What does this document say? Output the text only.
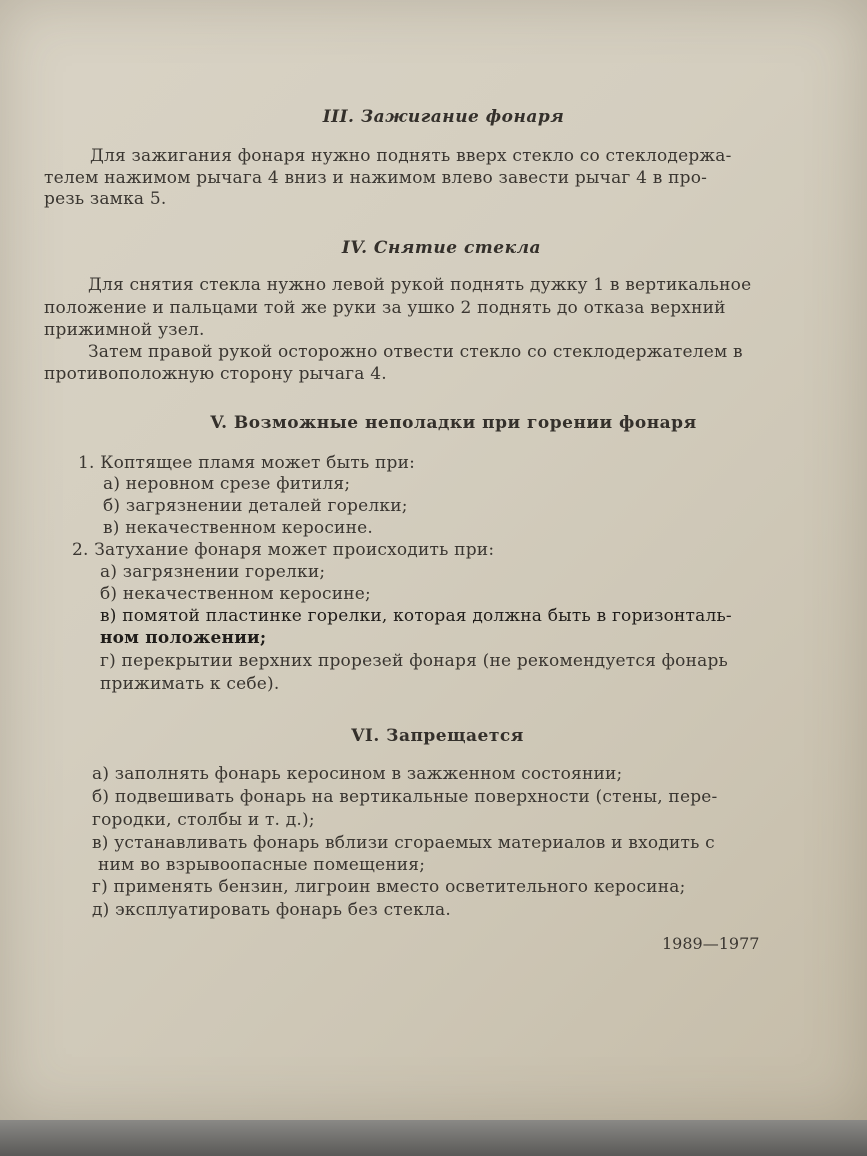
III. Зажигание фонаря
Для зажигания фонаря нужно поднять вверх стекло со стеклодержа-
телем нажимом рычага 4 вниз и нажимом влево завести рычаг 4 в про-
резь замка 5.
IV. Снятие стекла
Для снятия стекла нужно левой рукой поднять дужку 1 в вертикальное
положение и пальцами той же руки за ушко 2 поднять до отказа верхний
прижимной узел.
Затем правой рукой осторожно отвести стекло со стеклодержателем в
противоположную сторону рычага 4.
V. Возможные неполадки при горении фонаря
1. Коптящее пламя может быть при:
а) неровном срезе фитиля;
б) загрязнении деталей горелки;
в) некачественном керосине.
2. Затухание фонаря может происходить при:
а) загрязнении горелки;
б) некачественном керосине;
в) помятой пластинке горелки, которая должна быть в горизонталь-
ном положении;
г) перекрытии верхних прорезей фонаря (не рекомендуется фонарь
прижимать к себе).
VI. Запрещается
а) заполнять фонарь керосином в зажженном состоянии;
б) подвешивать фонарь на вертикальные поверхности (стены, пере-
городки, столбы и т. д.);
в) устанавливать фонарь вблизи сгораемых материалов и входить с
ним во взрывоопасные помещения;
г) применять бензин, лигроин вместо осветительного керосина;
д) эксплуатировать фонарь без стекла.
1989—1977
